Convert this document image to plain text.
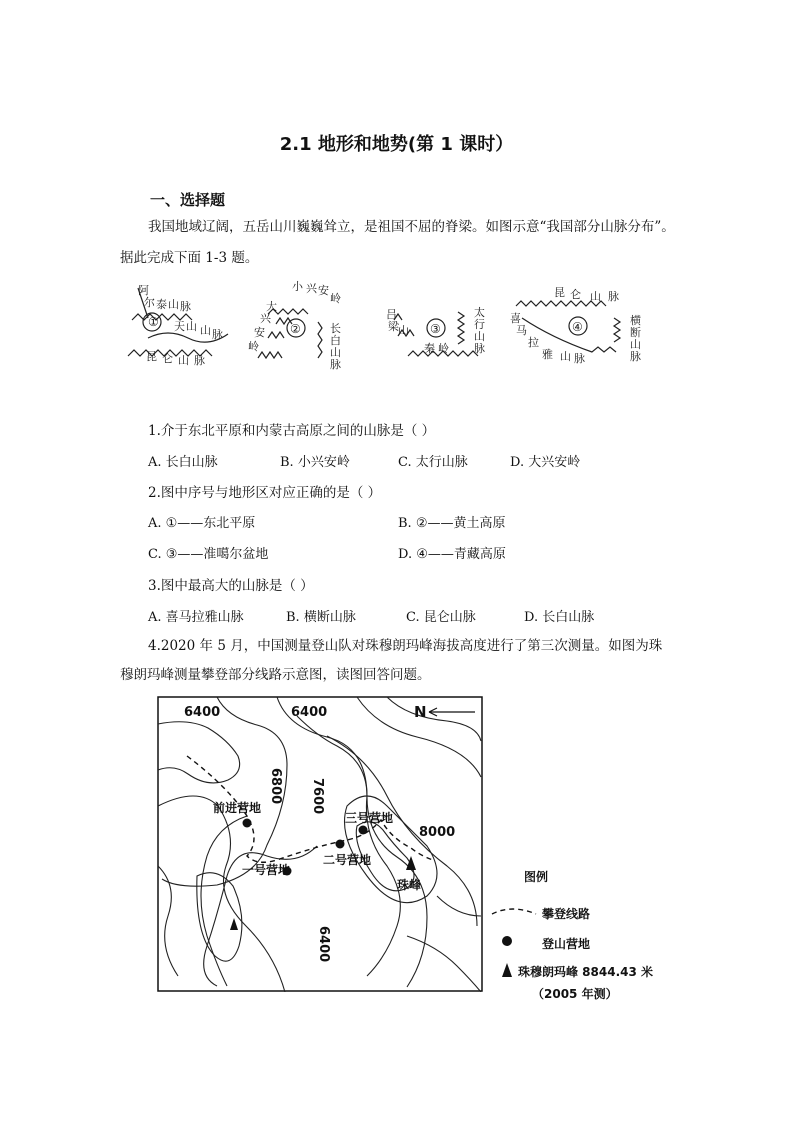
2.1 地形和地势(第 1 课时）
一、选择题
我国地域辽阔，五岳山川巍巍耸立，是祖国不屈的脊梁。如图示意“我国部分山脉分布”。
据此完成下面 1-3 题。
阿
尔 泰 山 脉
天 山 山 脉
昆 仑 山 脉
①
小 兴 安
岭
大
兴
安
岭
长
白
山
脉
②
吕
梁 山
太
行
山
脉
秦 岭
③
昆 仑 山 脉
喜
马
拉
雅 山 脉
横
断
山
脉
④
1.介于东北平原和内蒙古高原之间的山脉是（ ）
A. 长白山脉	B. 小兴安岭	C. 太行山脉	D. 大兴安岭
2.图中序号与地形区对应正确的是（ ）
A. ①——东北平原	B. ②——黄土高原
C. ③——准噶尔盆地	D. ④——青藏高原
3.图中最高大的山脉是（ ）
A. 喜马拉雅山脉	B. 横断山脉	C. 昆仑山脉	D. 长白山脉
4.2020 年 5 月，中国测量登山队对珠穆朗玛峰海拔高度进行了第三次测量。如图为珠
穆朗玛峰测量攀登部分线路示意图，读图回答问题。
6400	6400
6800 7600
8000
6400
N
前进营地
一号营地
二号营地
三号营地
珠峰
图例
攀登线路
登山营地
珠穆朗玛峰 8844.43 米
（2005 年测）
